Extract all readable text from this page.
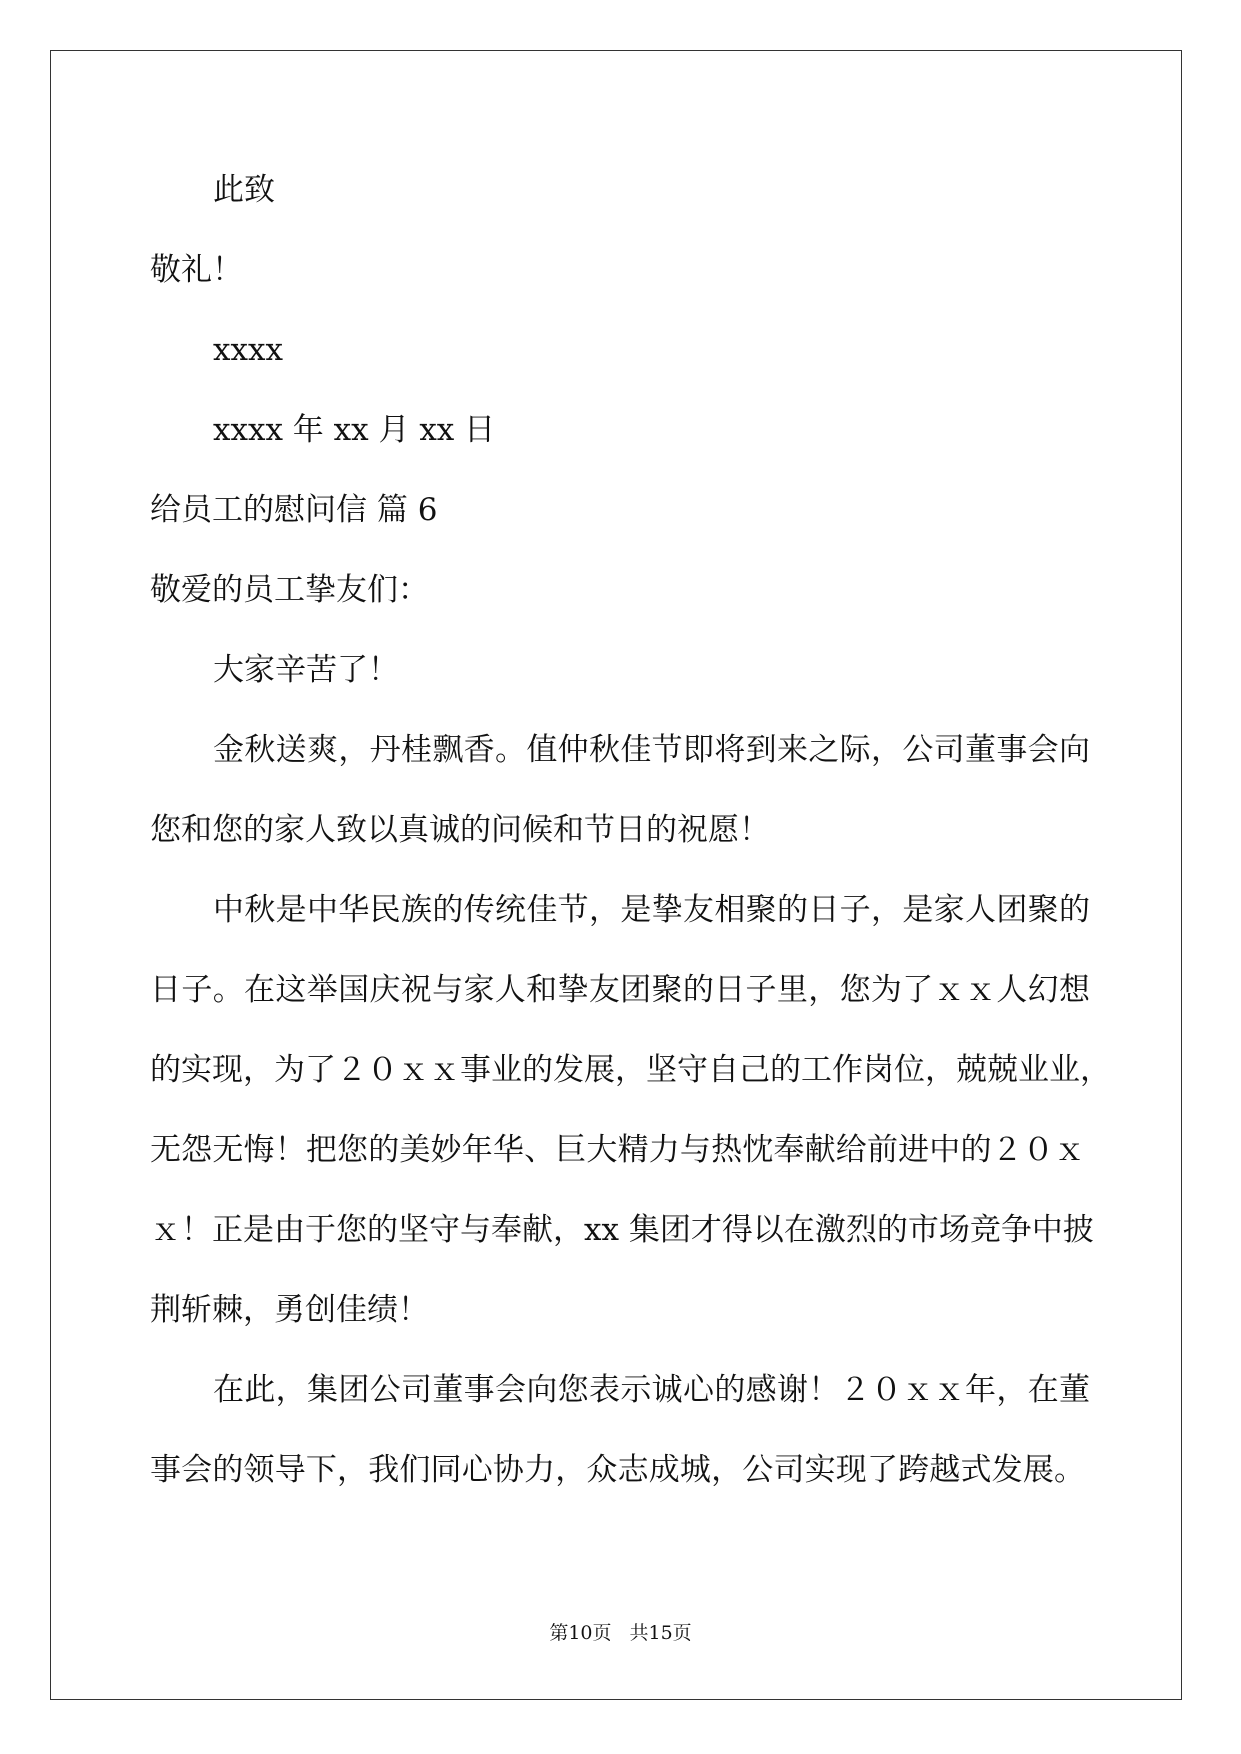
此致
敬礼！
xxxx
xxxx 年 xx 月 xx 日
给员工的慰问信 篇 6
敬爱的员工挚友们：
大家辛苦了！
金秋送爽，丹桂飘香。值仲秋佳节即将到来之际，公司董事会向
您和您的家人致以真诚的问候和节日的祝愿！
中秋是中华民族的传统佳节，是挚友相聚的日子，是家人团聚的
日子。在这举国庆祝与家人和挚友团聚的日子里，您为了ｘｘ人幻想
的实现，为了２０ｘｘ事业的发展，坚守自己的工作岗位，兢兢业业，
无怨无悔！把您的美妙年华、巨大精力与热忱奉献给前进中的２０ｘ
ｘ！正是由于您的坚守与奉献，xx 集团才得以在激烈的市场竞争中披
荆斩棘，勇创佳绩！
在此，集团公司董事会向您表示诚心的感谢！２０ｘｘ年，在董
事会的领导下，我们同心协力，众志成城，公司实现了跨越式发展。
第10页 共15页
